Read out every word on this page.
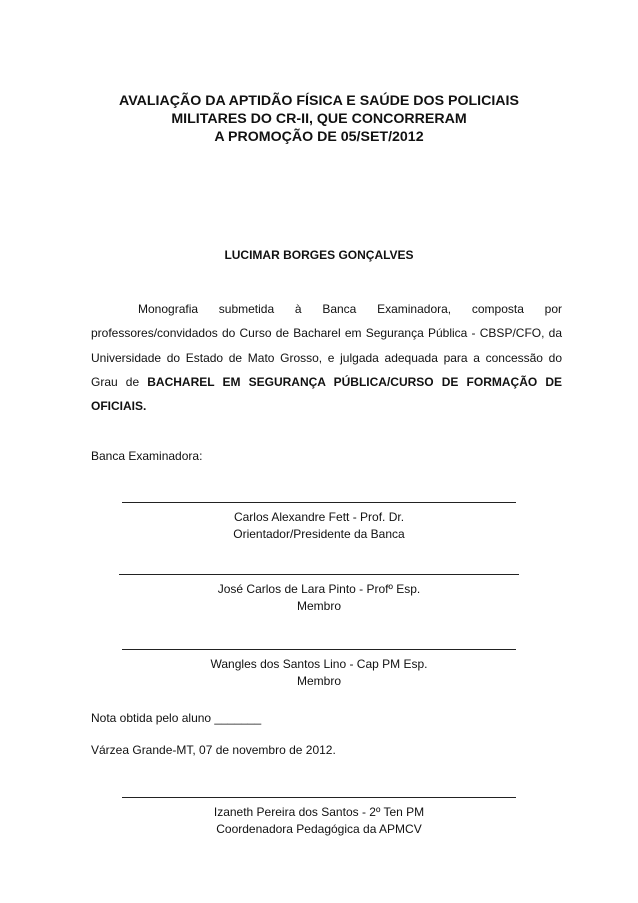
AVALIAÇÃO DA APTIDÃO FÍSICA E SAÚDE DOS POLICIAIS
MILITARES DO CR-II, QUE CONCORRERAM
A PROMOÇÃO DE 05/SET/2012
LUCIMAR BORGES GONÇALVES
Monografia submetida à Banca Examinadora, composta por professores/convidados do Curso de Bacharel em Segurança Pública - CBSP/CFO, da Universidade do Estado de Mato Grosso, e julgada adequada para a concessão do Grau de BACHAREL EM SEGURANÇA PÚBLICA/CURSO DE FORMAÇÃO DE OFICIAIS.
Banca Examinadora:
Carlos Alexandre Fett - Prof. Dr.
Orientador/Presidente da Banca
José Carlos de Lara Pinto - Profº Esp.
Membro
Wangles dos Santos Lino - Cap PM Esp.
Membro
Nota obtida pelo aluno _______
Várzea Grande-MT, 07 de novembro de 2012.
Izaneth Pereira dos Santos - 2º Ten PM
Coordenadora Pedagógica da APMCV
